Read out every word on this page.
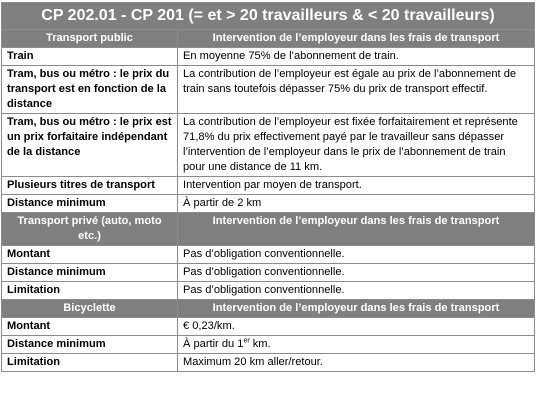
CP 202.01 - CP 201 (= et > 20 travailleurs & < 20 travailleurs)	
Transport public	Intervention de l’employeur dans les frais de transport
Train	En moyenne 75% de l’abonnement de train.
Tram, bus ou métro : le prix du transport est en fonction de la distance	La contribution de l’employeur est égale au prix de l’abonnement de train sans toutefois dépasser 75% du prix de transport effectif.
Tram, bus ou métro : le prix est un prix forfaitaire indépendant de la distance	La contribution de l’employeur est fixée forfaitairement et représente 71,8% du prix effectivement payé par le travailleur sans dépasser l’intervention de l’employeur dans le prix de l’abonnement de train pour une distance de 11 km.
Plusieurs titres de transport	Intervention par moyen de transport.
Distance minimum	À partir de 2 km
Transport privé (auto, moto etc.)	Intervention de l’employeur dans les frais de transport
Montant	Pas d’obligation conventionnelle.
Distance minimum	Pas d’obligation conventionnelle.
Limitation	Pas d’obligation conventionnelle.
Bicyclette	Intervention de l’employeur dans les frais de transport
Montant	€ 0,23/km.
Distance minimum	À partir du 1er km.
Limitation	Maximum 20 km aller/retour.
